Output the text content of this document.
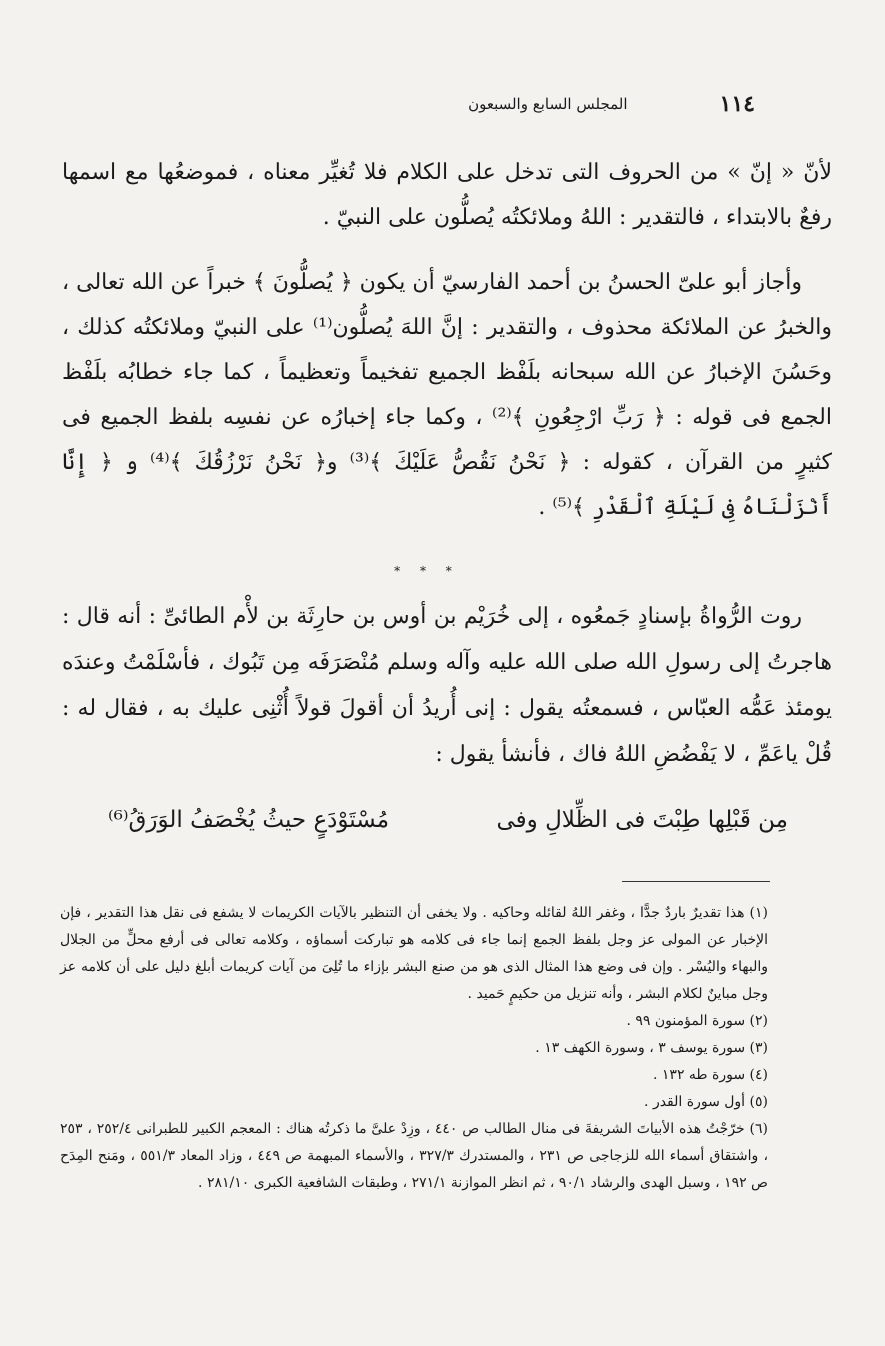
١١٤
المجلس السابع والسبعون

لأنّ « إنّ » من الحروف التى تدخل على الكلام فلا تُغيِّر معناه ، فموضعُها مع اسمها رفعٌ بالابتداء ، فالتقدير : اللهُ وملائكتُه يُصلُّون على النبيّ .

وأجاز أبو علىّ الحسنُ بن أحمد الفارسيّ أن يكون ﴿ يُصلُّونَ ﴾ خبراً عن الله تعالى ، والخبرُ عن الملائكة محذوف ، والتقدير : إنَّ اللهَ يُصلُّون⁽¹⁾ على النبيّ وملائكتُه كذلك ، وحَسُنَ الإخبارُ عن الله سبحانه بلَفْظ الجميع تفخيماً وتعظيماً ، كما جاء خطابُه بلَفْظ الجمع فى قوله : ﴿ رَبِّ ارْجِعُونِ ﴾⁽²⁾ ، وكما جاء إخبارُه عن نفسِه بلفظ الجميع فى كثيرٍ من القرآن ، كقوله : ﴿ نَحْنُ نَقُصُّ عَلَيْكَ ﴾⁽³⁾ و﴿ نَحْنُ نَرْزُقُكَ ﴾⁽⁴⁾ و ﴿ إِنَّا أَنْزَلْنَاهُ فِى لَيْلَةِ ٱلْقَدْرِ ﴾⁽⁵⁾ .

* * *

روت الرُّواةُ بإسنادٍ جَمعُوه ، إلى خُرَيْم بن أوس بن حارِثَة بن لأْم الطائىِّ : أنه قال : هاجرتُ إلى رسولِ الله صلى الله عليه وآله وسلم مُنْصَرَفَه مِن تَبُوك ، فأسْلَمْتُ وعندَه يومئذ عَمُّه العبّاس ، فسمعتُه يقول : إنى أُريدُ أن أقولَ قولاً أُثْنِى عليك به ، فقال له : قُلْ ياعَمِّ ، لا يَفْضُضِ اللهُ فاك ، فأنشأ يقول :

مِن قَبْلِها طِبْتَ فى الظِّلالِ وفى
مُسْتَوْدَعٍ حيثُ يُخْصَفُ الوَرَقُ⁽⁶⁾

(١) هذا تقديرٌ باردٌ جدًّا ، وغفر اللهُ لقائله وحاكيه . ولا يخفى أن التنظير بالآيات الكريمات لا يشفع فى نقل هذا التقدير ، فإن الإخبار عن المولى عز وجل بلفظ الجمع إنما جاء فى كلامه هو تباركت أسماؤه ، وكلامه تعالى فى أرفع محلٍّ من الجلال والبهاء واليُسْر . وإن فى وضع هذا المثال الذى هو من صنع البشر بإزاء ما تُلِىَ من آيات كريمات أبلغ دليل على أن كلامه عز وجل مباينٌ لكلام البشر ، وأنه تنزيل من حكيمٍ حَميد .

(٢) سورة المؤمنون ٩٩ .

(٣) سورة يوسف ٣ ، وسورة الكهف ١٣ .

(٤) سورة طه ١٣٢ .

(٥) أول سورة القدر .

(٦) خرّجْتُ هذه الأبياتَ الشريفةَ فى منال الطالب ص ٤٤٠ ، وزِدْ علىَّ ما ذكرتُه هناك : المعجم الكبير للطبرانى ٢٥٢/٤ ، ٢٥٣ ، واشتقاق أسماء الله للزجاجى ص ٢٣١ ، والمستدرك ٣٢٧/٣ ، والأسماء المبهمة ص ٤٤٩ ، وزاد المعاد ٥٥١/٣ ، ومَنح المِدَح ص ١٩٢ ، وسبل الهدى والرشاد ٩٠/١ ، ثم انظر الموازنة ٢٧١/١ ، وطبقات الشافعية الكبرى ٢٨١/١٠ .
